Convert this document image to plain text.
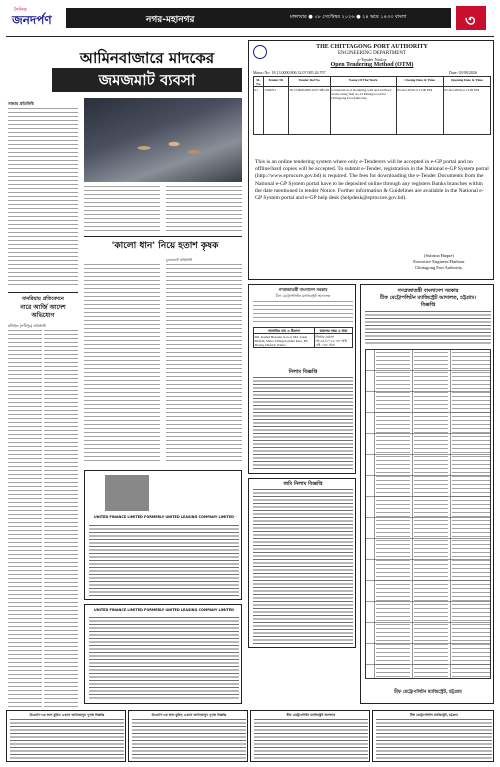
দৈনিক
জনদর্পণ	নগর-মহানগর	মঙ্গলবার ● ০৮ সেপ্টেম্বর ২০২৬ ● ২৪ ভাদ্র ১৪৩৩ বাংলা	৩
আমিনবাজারে মাদকের
জমজমাট ব্যবসা
সাভার প্রতিনিধি
বানরিয়ায় প্রতিবেদনে
নারে আর্জি আদেশ অভিযোগ
ঘাঁটাইল (সখীপুর) প্রতিনিধি
'কালো ধান' নিয়ে হতাশ কৃষক
চুনারুঘাট প্রতিনিধি
UNITED FINANCE LIMITED FORMERLY UNITED LEASING COMPANY LIMITED
UNITED FINANCE LIMITED FORMERLY UNITED LEASING COMPANY LIMITED
THE CHITTAGONG PORT AUTHORITY
ENGINEERING DEPARTMENT
e-Tender Notice
Open Tendering Method (OTM)
Memo No: 18.13.0000.806.32.07.085.26.707	Date: 03/09/2026
SL No	Tender ID	Tender Ref No	Name Of The Work	Closing Date & Time	Opening Date & Time
01	1328251	18.13.0000.806.32.07.085.26	Construction of Retaining wall and ancillary works along Ittaf no-12 Patenga road for Chittagong Port Authority.	05-Oct-2026 at 13.00 PM	05-Oct-2026 at 13.00 PM
This is an online tendering system where only e-Tenderers will be accepted in e-GP portal and no offline/hard copies will be accepted. To submit e-Tender, registration in the National e-GP System portal (http://www.eprocure.gov.bd) is required. The fees for downloading the e-Tender Documents from the National e-GP System portal have to be deposited online through any registers Banks branches within the date mentioned in tender Notice. Further information & Guidelines are available in the National e-GP System portal and e-GP help desk (helpdesk@eprocure.gov.bd).
(Subrina Haque)
Executive Engineer/Harbour
Chittagong Port Authority.
গণপ্রজাতন্ত্রী বাংলাদেশ সরকার
চীফ মেট্রোপলিটন ম্যাজিস্ট্রেট আদালত
আসামির নাম ও ঠিকানা	মামলার নম্বর ও ধারা
Md. Kamal Hossain, Son of Md. Lokit Mollah, Shiva Village/Galdan Para, PS: Sirajnj, District: Pabna	সিআর মামলা নং-৬৫/২০২৬ এন আই এক্ট ১৩৮ ধারা
নিলাম বিজ্ঞপ্তি
জমি নিলাম বিজ্ঞপ্তি
গণপ্রজাতন্ত্রী বাংলাদেশ সরকার
চীফ মেট্রোপলিটন ম্যাজিস্ট্রেট আদালত, চট্টগ্রাম।
বিজ্ঞপ্তি
চীফ মেট্রোপলিটন ম্যাজিস্ট্রেট, চট্টগ্রাম
ডিএমপি-এর জন্য মুদ্রিত এখানে আইনকানুন পূর্ণাঙ্গ বিজ্ঞপ্তি	ডিএমপি-এর জন্য মুদ্রিত এখানে আইনকানুন পূর্ণাঙ্গ বিজ্ঞপ্তি	চীফ মেট্রোপলিটন ম্যাজিস্ট্রেট আদালত	চীফ মেট্রোপলিটন ম্যাজিস্ট্রেট, চট্টগ্রাম
